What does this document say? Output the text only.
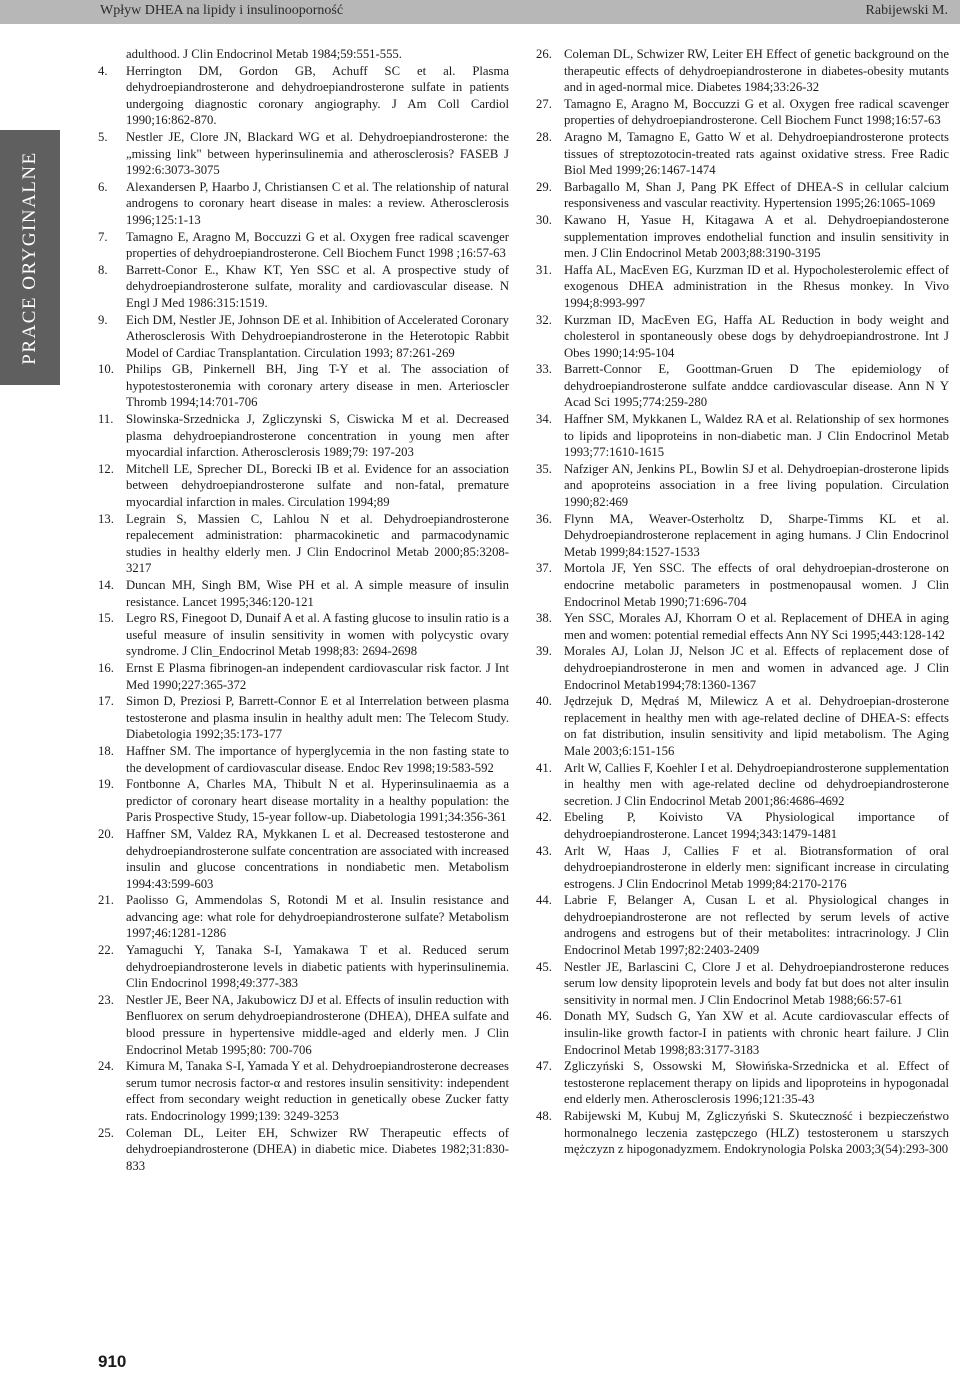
Wpływ DHEA na lipidy i insulinooporność	Rabijewski M.
PRACE ORYGINALNE

adulthood. J Clin Endocrinol Metab 1984;59:551-555.

4. Herrington DM, Gordon GB, Achuff SC et al. Plasma dehydroepiandrosterone and dehydroepiandrosterone sulfate in patients undergoing diagnostic coronary angiography. J Am Coll Cardiol 1990;16:862-870.

5. Nestler JE, Clore JN, Blackard WG et al. Dehydroepiandrosterone: the „missing link" between hyperinsulinemia and atherosclerosis? FASEB J 1992:6:3073-3075

6. Alexandersen P, Haarbo J, Christiansen C et al. The relationship of natural androgens to coronary heart disease in males: a review. Atherosclerosis 1996;125:1-13

7. Tamagno E, Aragno M, Boccuzzi G et al. Oxygen free radical scavenger properties of dehydroepiandrosterone. Cell Biochem Funct 1998 ;16:57-63

8. Barrett-Conor E., Khaw KT, Yen SSC et al. A prospective study of dehydroepiandrosterone sulfate, morality and cardiovascular disease. N Engl J Med 1986:315:1519.

9. Eich DM, Nestler JE, Johnson DE et al. Inhibition of Accelerated Coronary Atherosclerosis With Dehydroepiandrosterone in the Heterotopic Rabbit Model of Cardiac Transplantation. Circulation 1993; 87:261-269

10. Philips GB, Pinkernell BH, Jing T-Y et al. The association of hypotestosteronemia with coronary artery disease in men. Arterioscler Thromb 1994;14:701-706

11. Slowinska-Srzednicka J, Zgliczynski S, Ciswicka M et al. Decreased plasma dehydroepiandrosterone concentration in young men after myocardial infarction. Atherosclerosis 1989;79: 197-203

12. Mitchell LE, Sprecher DL, Borecki IB et al. Evidence for an association between dehydroepiandrosterone sulfate and non-fatal, premature myocardial infarction in males. Circulation 1994;89

13. Legrain S, Massien C, Lahlou N et al. Dehydroepiandrosterone repalecement administration: pharmacokinetic and parmacodynamic studies in healthy elderly men. J Clin Endocrinol Metab 2000;85:3208-3217

14. Duncan MH, Singh BM, Wise PH et al. A simple measure of insulin resistance. Lancet 1995;346:120-121

15. Legro RS, Finegoot D, Dunaif A et al. A fasting glucose to insulin ratio is a useful measure of insulin sensitivity in women with polycystic ovary syndrome. J Clin_Endocrinol Metab 1998;83: 2694-2698

16. Ernst E Plasma fibrinogen-an independent cardiovascular risk factor. J Int Med 1990;227:365-372

17. Simon D, Preziosi P, Barrett-Connor E et al Interrelation between plasma testosterone and plasma insulin in healthy adult men: The Telecom Study. Diabetologia 1992;35:173-177

18. Haffner SM. The importance of hyperglycemia in the non fasting state to the development of cardiovascular disease. Endoc Rev 1998;19:583-592

19. Fontbonne A, Charles MA, Thibult N et al. Hyperinsulinaemia as a predictor of coronary heart disease mortality in a healthy population: the Paris Prospective Study, 15-year follow-up. Diabetologia 1991;34:356-361

20. Haffner SM, Valdez RA, Mykkanen L et al. Decreased testosterone and dehydroepiandrosterone sulfate concentration are associated with increased insulin and glucose concentrations in nondiabetic men. Metabolism 1994:43:599-603

21. Paolisso G, Ammendolas S, Rotondi M et al. Insulin resistance and advancing age: what role for dehydroepiandrosterone sulfate? Metabolism 1997;46:1281-1286

22. Yamaguchi Y, Tanaka S-I, Yamakawa T et al. Reduced serum dehydroepiandrosterone levels in diabetic patients with hyperinsulinemia. Clin Endocrinol 1998;49:377-383

23. Nestler JE, Beer NA, Jakubowicz DJ et al. Effects of insulin reduction with Benfluorex on serum dehydroepiandrosterone (DHEA), DHEA sulfate and blood pressure in hypertensive middle-aged and elderly men. J Clin Endocrinol Metab 1995;80: 700-706

24. Kimura M, Tanaka S-I, Yamada Y et al. Dehydroepiandrosterone decreases serum tumor necrosis factor-α and restores insulin sensitivity: independent effect from secondary weight reduction in genetically obese Zucker fatty rats. Endocrinology 1999;139: 3249-3253

25. Coleman DL, Leiter EH, Schwizer RW Therapeutic effects of dehydroepiandrosterone (DHEA) in diabetic mice. Diabetes 1982;31:830-833

26. Coleman DL, Schwizer RW, Leiter EH Effect of genetic background on the therapeutic effects of dehydroepiandrosterone in diabetes-obesity mutants and in aged-normal mice. Diabetes 1984;33:26-32

27. Tamagno E, Aragno M, Boccuzzi G et al. Oxygen free radical scavenger properties of dehydroepiandrosterone. Cell Biochem Funct 1998;16:57-63

28. Aragno M, Tamagno E, Gatto W et al. Dehydroepiandrosterone protects tissues of streptozotocin-treated rats against oxidative stress. Free Radic Biol Med 1999;26:1467-1474

29. Barbagallo M, Shan J, Pang PK Effect of DHEA-S in cellular calcium responsiveness and vascular reactivity. Hypertension 1995;26:1065-1069

30. Kawano H, Yasue H, Kitagawa A et al. Dehydroepiandosterone supplementation improves endothelial function and insulin sensitivity in men. J Clin Endocrinol Metab 2003;88:3190-3195

31. Haffa AL, MacEven EG, Kurzman ID et al. Hypocholesterolemic effect of exogenous DHEA administration in the Rhesus monkey. In Vivo 1994;8:993-997

32. Kurzman ID, MacEven EG, Haffa AL Reduction in body weight and cholesterol in spontaneously obese dogs by dehydroepiandrostrone. Int J Obes 1990;14:95-104

33. Barrett-Connor E, Goottman-Gruen D The epidemiology of dehydroepiandrosterone sulfate anddce cardiovascular disease. Ann N Y Acad Sci 1995;774:259-280

34. Haffner SM, Mykkanen L, Waldez RA et al. Relationship of sex hormones to lipids and lipoproteins in non-diabetic man. J Clin Endocrinol Metab 1993;77:1610-1615

35. Nafziger AN, Jenkins PL, Bowlin SJ et al. Dehydroepian-drosterone lipids and apoproteins association in a free living population. Circulation 1990;82:469

36. Flynn MA, Weaver-Osterholtz D, Sharpe-Timms KL et al. Dehydroepiandrosterone replacement in aging humans. J Clin Endocrinol Metab 1999;84:1527-1533

37. Mortola JF, Yen SSC. The effects of oral dehydroepian-drosterone on endocrine metabolic parameters in postmenopausal women. J Clin Endocrinol Metab 1990;71:696-704

38. Yen SSC, Morales AJ, Khorram O et al. Replacement of DHEA in aging men and women: potential remedial effects Ann NY Sci 1995;443:128-142

39. Morales AJ, Lolan JJ, Nelson JC et al. Effects of replacement dose of dehydroepiandrosterone in men and women in advanced age. J Clin Endocrinol Metab1994;78:1360-1367

40. Jędrzejuk D, Mędraś M, Milewicz A et al. Dehydroepian-drosterone replacement in healthy men with age-related decline of DHEA-S: effects on fat distribution, insulin sensitivity and lipid metabolism. The Aging Male 2003;6:151-156

41. Arlt W, Callies F, Koehler I et al. Dehydroepiandrosterone supplementation in healthy men with age-related decline od dehydroepiandrosterone secretion. J Clin Endocrinol Metab 2001;86:4686-4692

42. Ebeling P, Koivisto VA Physiological importance of dehydroepiandrosterone. Lancet 1994;343:1479-1481

43. Arlt W, Haas J, Callies F et al. Biotransformation of oral dehydroepiandrosterone in elderly men: significant increase in circulating estrogens. J Clin Endocrinol Metab 1999;84:2170-2176

44. Labrie F, Belanger A, Cusan L et al. Physiological changes in dehydroepiandrosterone are not reflected by serum levels of active androgens and estrogens but of their metabolites: intracrinology. J Clin Endocrinol Metab 1997;82:2403-2409

45. Nestler JE, Barlascini C, Clore J et al. Dehydroepiandrosterone reduces serum low density lipoprotein levels and body fat but does not alter insulin sensitivity in normal men. J Clin Endocrinol Metab 1988;66:57-61

46. Donath MY, Sudsch G, Yan XW et al. Acute cardiovascular effects of insulin-like growth factor-I in patients with chronic heart failure. J Clin Endocrinol Metab 1998;83:3177-3183

47. Zgliczyński S, Ossowski M, Słowińska-Srzednicka et al. Effect of testosterone replacement therapy on lipids and lipoproteins in hypogonadal end elderly men. Atherosclerosis 1996;121:35-43

48. Rabijewski M, Kubuj M, Zgliczyński S. Skuteczność i bezpieczeństwo hormonalnego leczenia zastępczego (HLZ) testosteronem u starszych mężczyzn z hipogonadyzmem. Endokrynologia Polska 2003;3(54):293-300

910
